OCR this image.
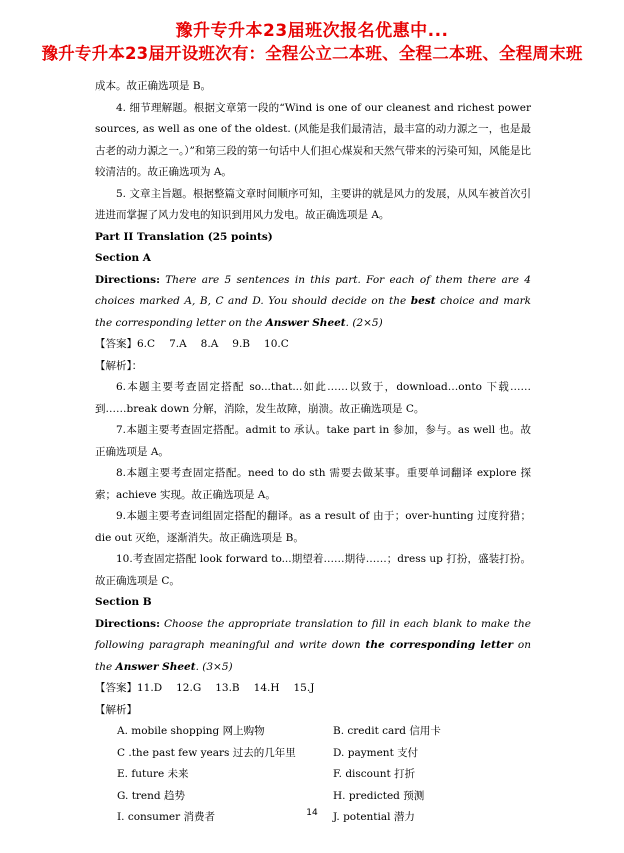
豫升专升本23届班次报名优惠中...
豫升专升本23届开设班次有：全程公立二本班、全程二本班、全程周末班

成本。故正确选项是 B。

4. 细节理解题。根据文章第一段的“Wind is one of our cleanest and richest power sources, as well as one of the oldest. (风能是我们最清洁，最丰富的动力源之一，也是最古老的动力源之一。）”和第三段的第一句话中人们担心煤炭和天然气带来的污染可知，风能是比较清洁的。故正确选项为 A。

5. 文章主旨题。根据整篇文章时间顺序可知，主要讲的就是风力的发展，从风车被首次引进进而掌握了风力发电的知识到用风力发电。故正确选项是 A。

Part II Translation (25 points)

Section A

Directions: There are 5 sentences in this part. For each of them there are 4 choices marked A, B, C and D. You should decide on the best choice and mark the corresponding letter on the Answer Sheet. (2×5)

【答案】6.C 7.A 8.A 9.B 10.C

【解析】：

6.本题主要考查固定搭配 so...that...如此……以致于，download…onto 下载……到……break down 分解，消除，发生故障，崩溃。故正确选项是 C。

7.本题主要考查固定搭配。admit to 承认。take part in 参加，参与。as well 也。故正确选项是 A。

8.本题主要考查固定搭配。need to do sth 需要去做某事。重要单词翻译 explore 探索；achieve 实现。故正确选项是 A。

9.本题主要考查词组固定搭配的翻译。as a result of 由于；over-hunting 过度狩猎；die out 灭绝，逐渐消失。故正确选项是 B。

10.考查固定搭配 look forward to...期望着……期待……；dress up 打扮，盛装打扮。故正确选项是 C。

Section B

Directions: Choose the appropriate translation to fill in each blank to make the following paragraph meaningful and write down the corresponding letter on the Answer Sheet. (3×5)

【答案】11.D 12.G 13.B 14.H 15.J

【解析】

A. mobile shopping 网上购物	B. credit card 信用卡
C .the past few years 过去的几年里	D. payment 支付
E. future 未来	F. discount 打折
G. trend 趋势	H. predicted 预测
I. consumer 消费者	J. potential 潜力
14
